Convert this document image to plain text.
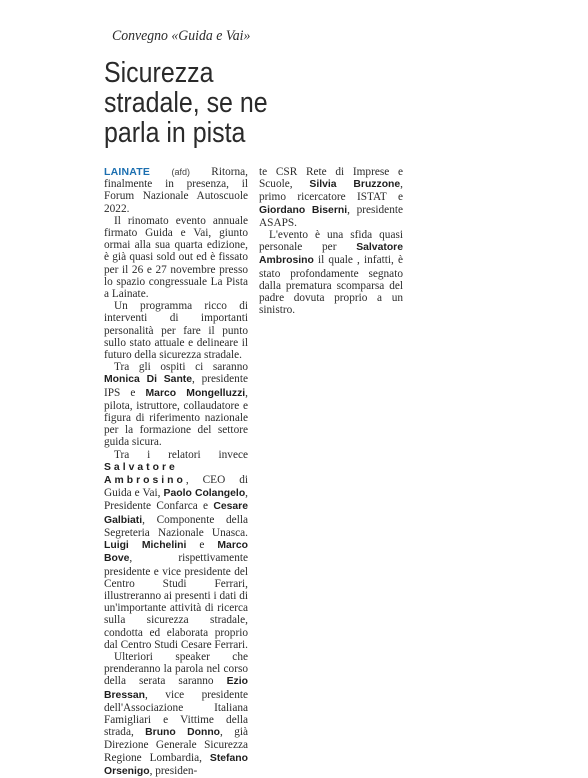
Convegno «Guida e Vai»
Sicurezza
stradale, se ne
parla in pista

LAINATE (afd) Ritorna, finalmente in presenza, il Forum Nazionale Autoscuole 2022.

Il rinomato evento annuale firmato Guida e Vai, giunto ormai alla sua quarta edizione, è già quasi sold out ed è fissato per il 26 e 27 novembre presso lo spazio congressuale La Pista a Lainate.

Un programma ricco di interventi di importanti personalità per fare il punto sullo stato attuale e delineare il futuro della sicurezza stradale.

Tra gli ospiti ci saranno Monica Di Sante, presidente IPS e Marco Mongelluzzi, pilota, istruttore, collaudatore e figura di riferimento nazionale per la formazione del settore guida sicura.

Tra i relatori invece Salvatore Ambrosino, CEO di Guida e Vai, Paolo Colangelo, Presidente Confarca e Cesare Galbiati, Componente della Segreteria Nazionale Unasca. Luigi Michelini e Marco Bove, rispettivamente presidente e vice presidente del Centro Studi Ferrari, illustreranno ai presenti i dati di un'importante attività di ricerca sulla sicurezza stradale, condotta ed elaborata proprio dal Centro Studi Cesare Ferrari.

Ulteriori speaker che prenderanno la parola nel corso della serata saranno Ezio Bressan, vice presidente dell'Associazione Italiana Famigliari e Vittime della strada, Bruno Donno, già Direzione Generale Sicurezza Regione Lombardia, Stefano Orsenigo, presiden-

te CSR Rete di Imprese e Scuole, Silvia Bruzzone, primo ricercatore ISTAT e Giordano Biserni, presidente ASAPS.

L'evento è una sfida quasi personale per Salvatore Ambrosino il quale , infatti, è stato profondamente segnato dalla prematura scomparsa del padre dovuta proprio a un sinistro.
